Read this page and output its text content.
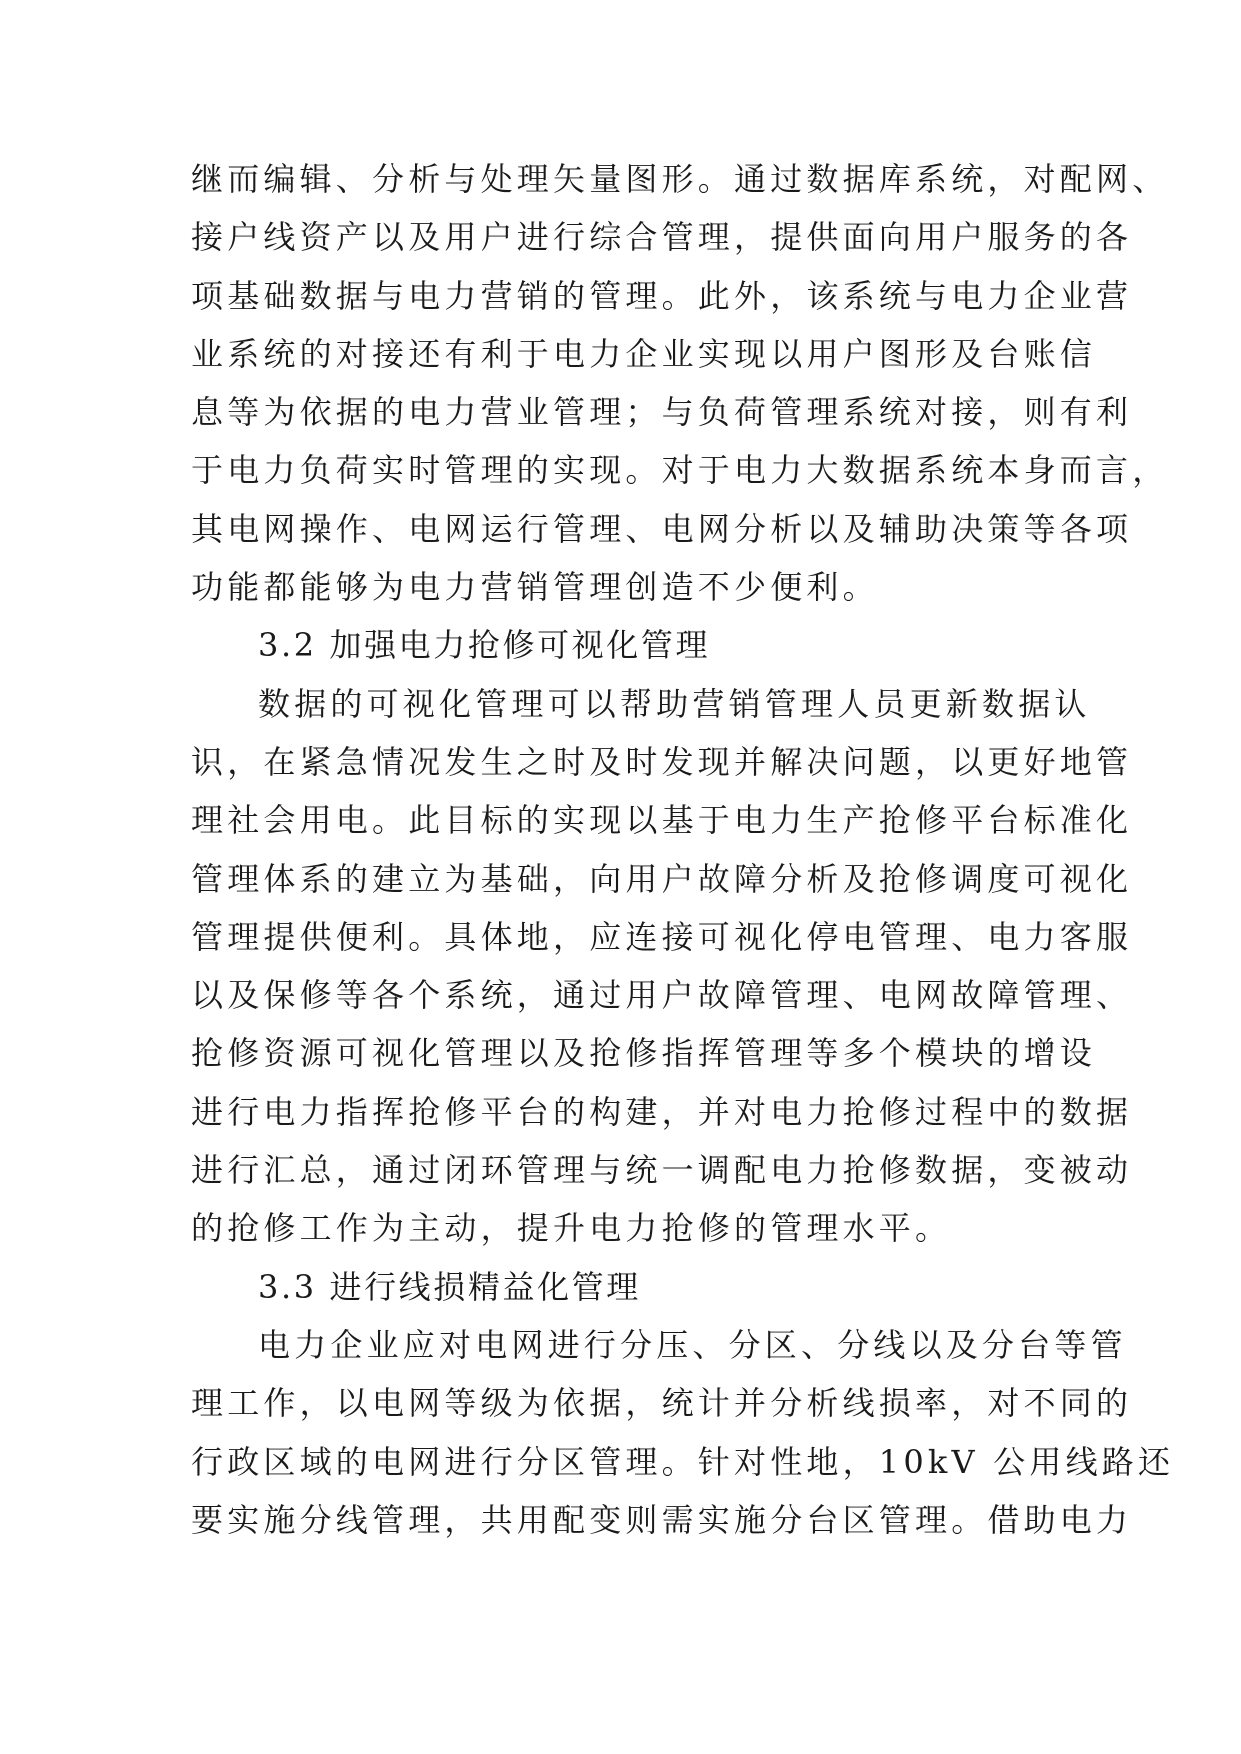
继而编辑、分析与处理矢量图形。通过数据库系统，对配网、
接户线资产以及用户进行综合管理，提供面向用户服务的各
项基础数据与电力营销的管理。此外，该系统与电力企业营
业系统的对接还有利于电力企业实现以用户图形及台账信
息等为依据的电力营业管理；与负荷管理系统对接，则有利
于电力负荷实时管理的实现。对于电力大数据系统本身而言，
其电网操作、电网运行管理、电网分析以及辅助决策等各项
功能都能够为电力营销管理创造不少便利。
3.2 加强电力抢修可视化管理
数据的可视化管理可以帮助营销管理人员更新数据认
识，在紧急情况发生之时及时发现并解决问题，以更好地管
理社会用电。此目标的实现以基于电力生产抢修平台标准化
管理体系的建立为基础，向用户故障分析及抢修调度可视化
管理提供便利。具体地，应连接可视化停电管理、电力客服
以及保修等各个系统，通过用户故障管理、电网故障管理、
抢修资源可视化管理以及抢修指挥管理等多个模块的增设
进行电力指挥抢修平台的构建，并对电力抢修过程中的数据
进行汇总，通过闭环管理与统一调配电力抢修数据，变被动
的抢修工作为主动，提升电力抢修的管理水平。
3.3 进行线损精益化管理
电力企业应对电网进行分压、分区、分线以及分台等管
理工作，以电网等级为依据，统计并分析线损率，对不同的
行政区域的电网进行分区管理。针对性地，10kV 公用线路还
要实施分线管理，共用配变则需实施分台区管理。借助电力
